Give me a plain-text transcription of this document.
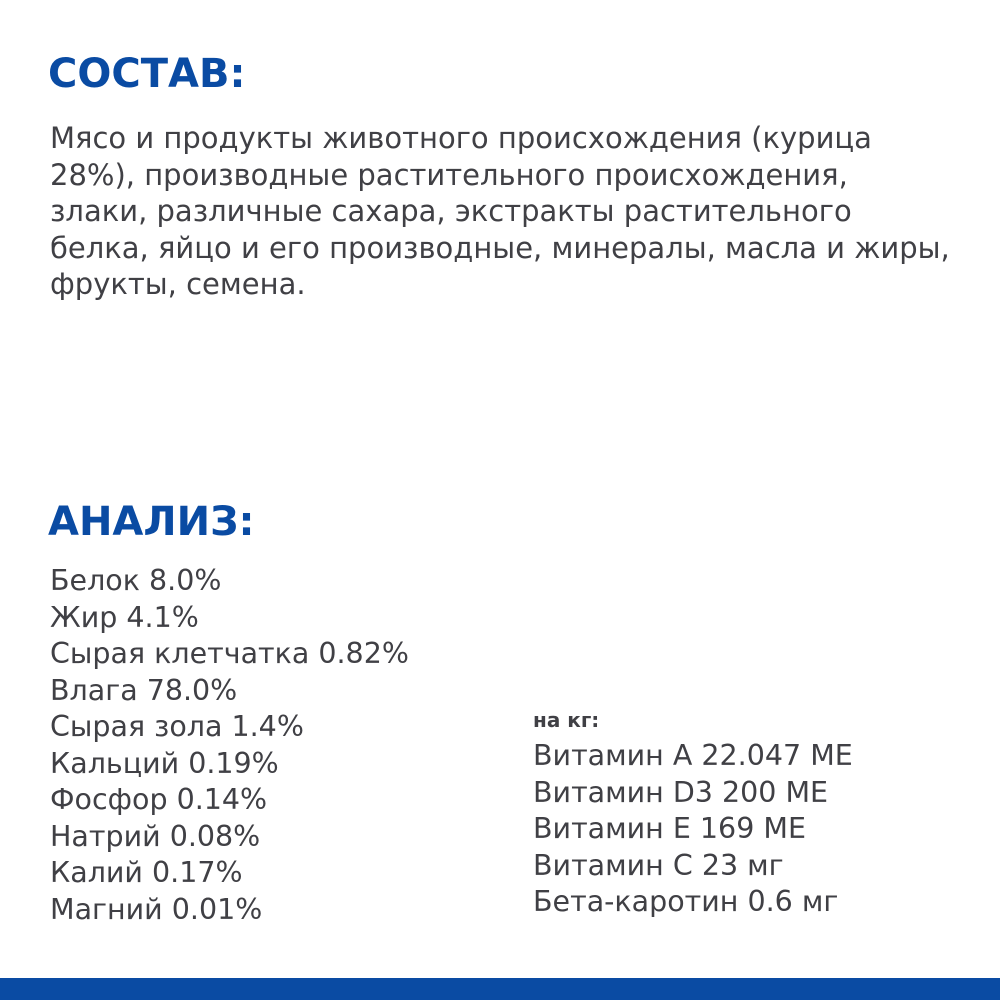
СОСТАВ:

Мясо и продукты животного происхождения (курица 28%), производные растительного происхождения, злаки, различные сахара, экстракты растительного белка, яйцо и его производные, минералы, масла и жиры, фрукты, семена.

АНАЛИЗ:
Белок 8.0%
Жир 4.1%
Сырая клетчатка 0.82%
Влага 78.0%
Сырая зола 1.4%
Кальций 0.19%
Фосфор 0.14%
Натрий 0.08%
Калий 0.17%
Магний 0.01%
на кг:
Витамин А 22.047 МЕ
Витамин D3 200 МЕ
Витамин Е 169 МЕ
Витамин С 23 мг
Бета-каротин 0.6 мг
